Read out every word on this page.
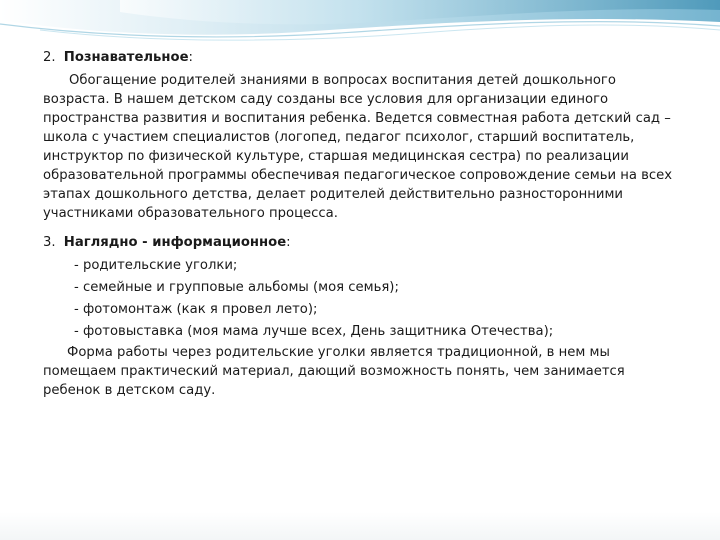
2. Познавательное:

Обогащение родителей знаниями в вопросах воспитания детей дошкольного возраста. В нашем детском саду созданы все условия для организации единого пространства развития и воспитания ребенка. Ведется совместная работа детский сад – школа с участием специалистов (логопед, педагог психолог, старший воспитатель, инструктор по физической культуре, старшая медицинская сестра) по реализации образовательной программы обеспечивая педагогическое сопровождение семьи на всех этапах дошкольного детства, делает родителей действительно разносторонними участниками образовательного процесса.

3. Наглядно - информационное:

- родительские уголки;

- семейные и групповые альбомы (моя семья);

- фотомонтаж (как я провел лето);

- фотовыставка (моя мама лучше всех, День защитника Отечества);

Форма работы через родительские уголки является традиционной, в нем мы помещаем практический материал, дающий возможность понять, чем занимается ребенок в детском саду.
